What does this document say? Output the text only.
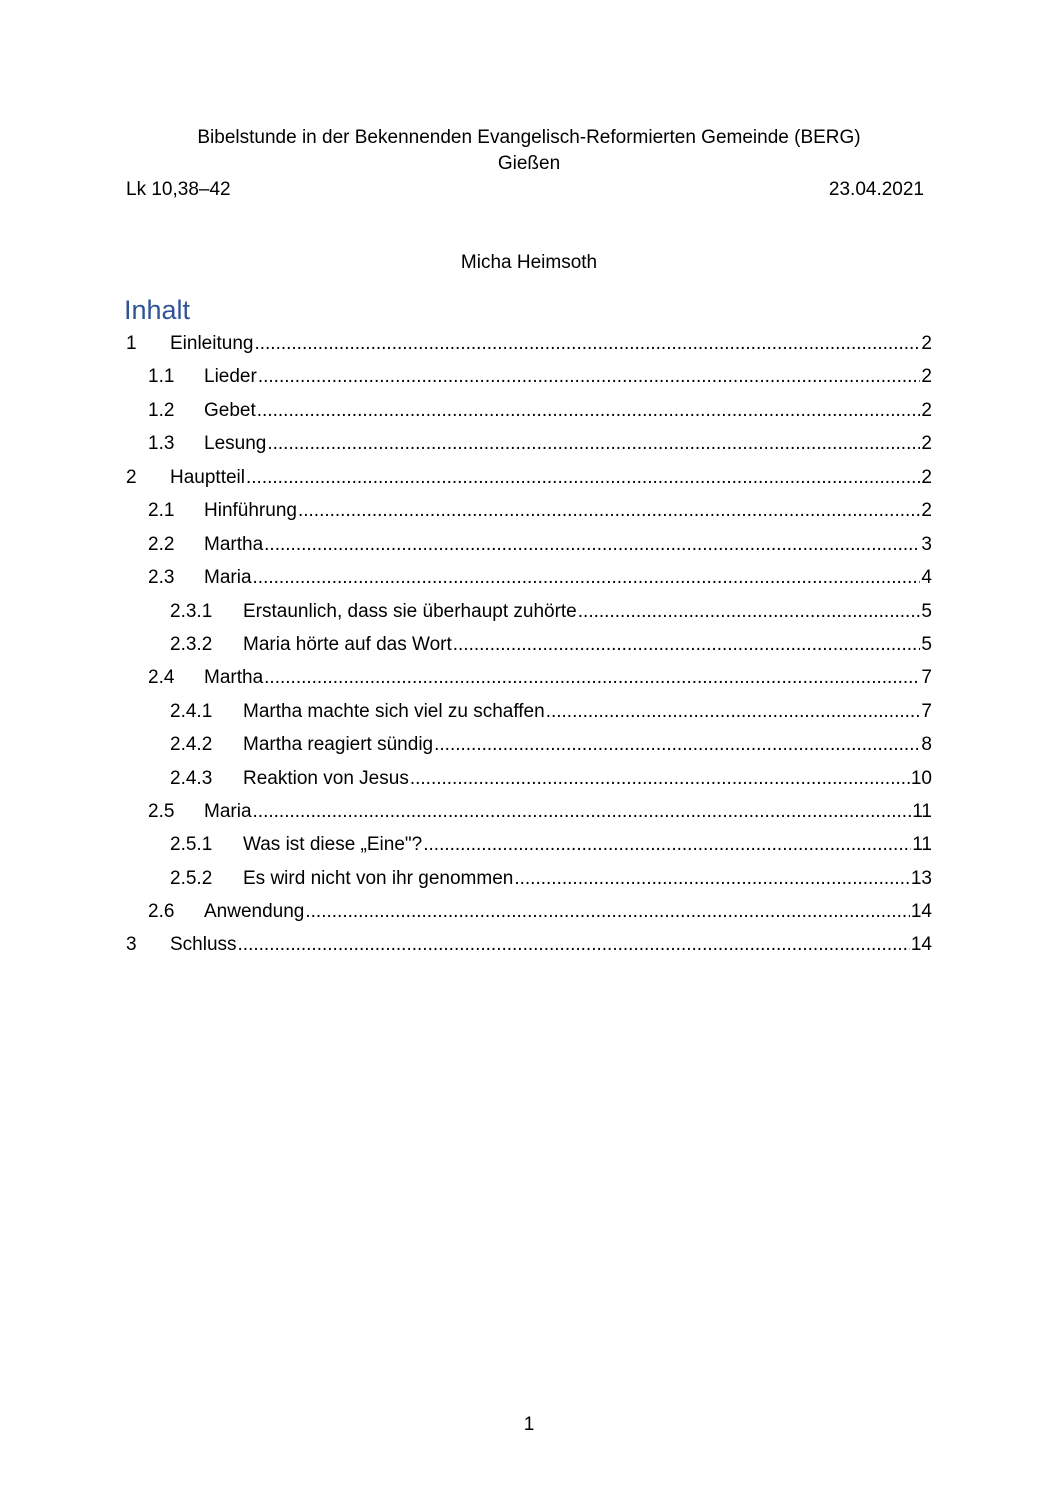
Bibelstunde in der Bekennenden Evangelisch-Reformierten Gemeinde (BERG)
Gießen
Lk 10,38–42	23.04.2021
Micha Heimsoth
Inhalt
1	Einleitung .....	2
1.1	Lieder .....	2
1.2	Gebet .....	2
1.3	Lesung .....	2
2	Hauptteil .....	2
2.1	Hinführung .....	2
2.2	Martha .....	3
2.3	Maria .....	4
2.3.1	Erstaunlich, dass sie überhaupt zuhörte .....	5
2.3.2	Maria hörte auf das Wort .....	5
2.4	Martha .....	7
2.4.1	Martha machte sich viel zu schaffen .....	7
2.4.2	Martha reagiert sündig .....	8
2.4.3	Reaktion von Jesus .....	10
2.5	Maria .....	11
2.5.1	Was ist diese „Eine"? .....	11
2.5.2	Es wird nicht von ihr genommen .....	13
2.6	Anwendung .....	14
3	Schluss .....	14
1
